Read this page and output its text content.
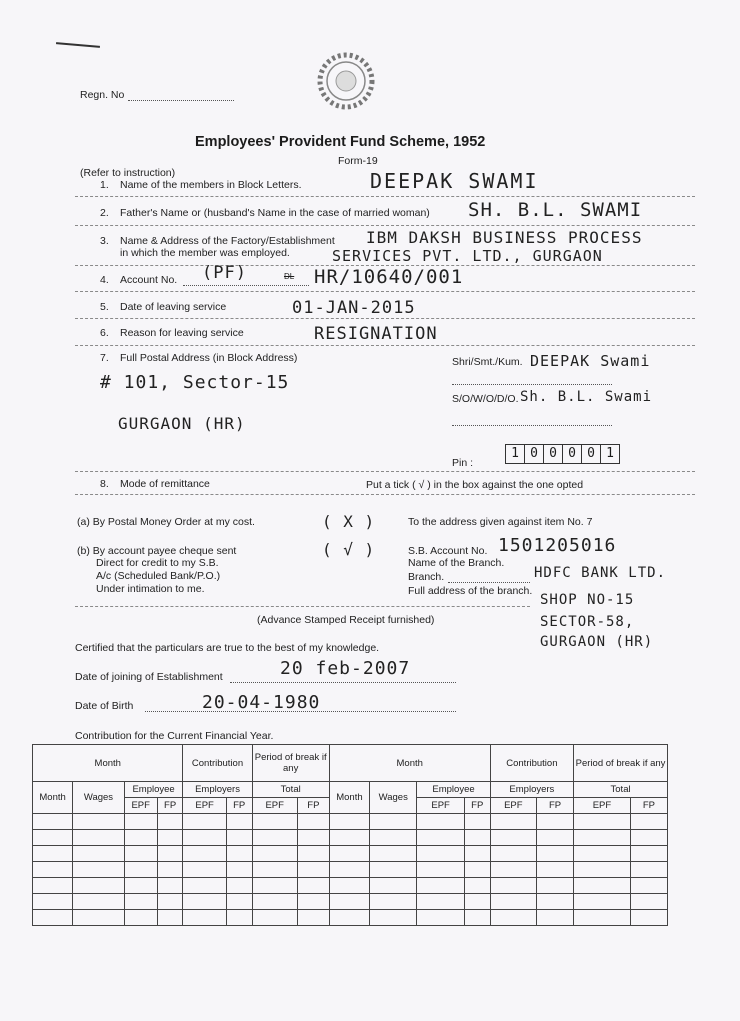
Regn. No
Employees' Provident Fund Scheme, 1952
Form-19
(Refer to instruction)
1. Name of the members in Block Letters.	DEEPAK SWAMI
2. Father's Name or (husband's Name in the case of married woman) SH. B.L. SWAMI
3. Name & Address of the Factory/Establishment
in which the member was employed.
IBM DAKSH BUSINESS PROCESS
SERVICES PVT. LTD., GURGAON
4. Account No. (PF)	DL HR/10640/001
5. Date of leaving service	01-JAN-2015
6. Reason for leaving service	RESIGNATION
7. Full Postal Address (in Block Address)
# 101, Sector-15
GURGAON (HR)
Shri/Smt./Kum. DEEPAK Swami
S/O/W/O/D/O. Sh. B.L. Swami
Pin :
1 0 0 0 0 1
8. Mode of remittance	Put a tick ( √ ) in the box against the one opted
(a) By Postal Money Order at my cost.	( X )	To the address given against item No. 7
(b) By account payee cheque sent
Direct for credit to my S.B.
A/c (Scheduled Bank/P.O.)
Under intimation to me.
( √ )	S.B. Account No. 1501205016
Name of the Branch.
Branch.	HDFC BANK LTD.
Full address of the branch.
SHOP NO-15
SECTOR-58,
GURGAON (HR)
(Advance Stamped Receipt furnished)
Certified that the particulars are true to the best of my knowledge.
Date of joining of Establishment	20 feb-2007
Date of Birth	20-04-1980
Contribution for the Current Financial Year.
Month				Contribution		Period of break if any		Month				Contribution		Period of break if any	
Month	Wages	Employee		Employers		Total		Month	Wages	Employee		Employers		Total	
		EPF	FP	EPF	FP	EPF	FP			EPF	FP	EPF	FP	EPF	FP
